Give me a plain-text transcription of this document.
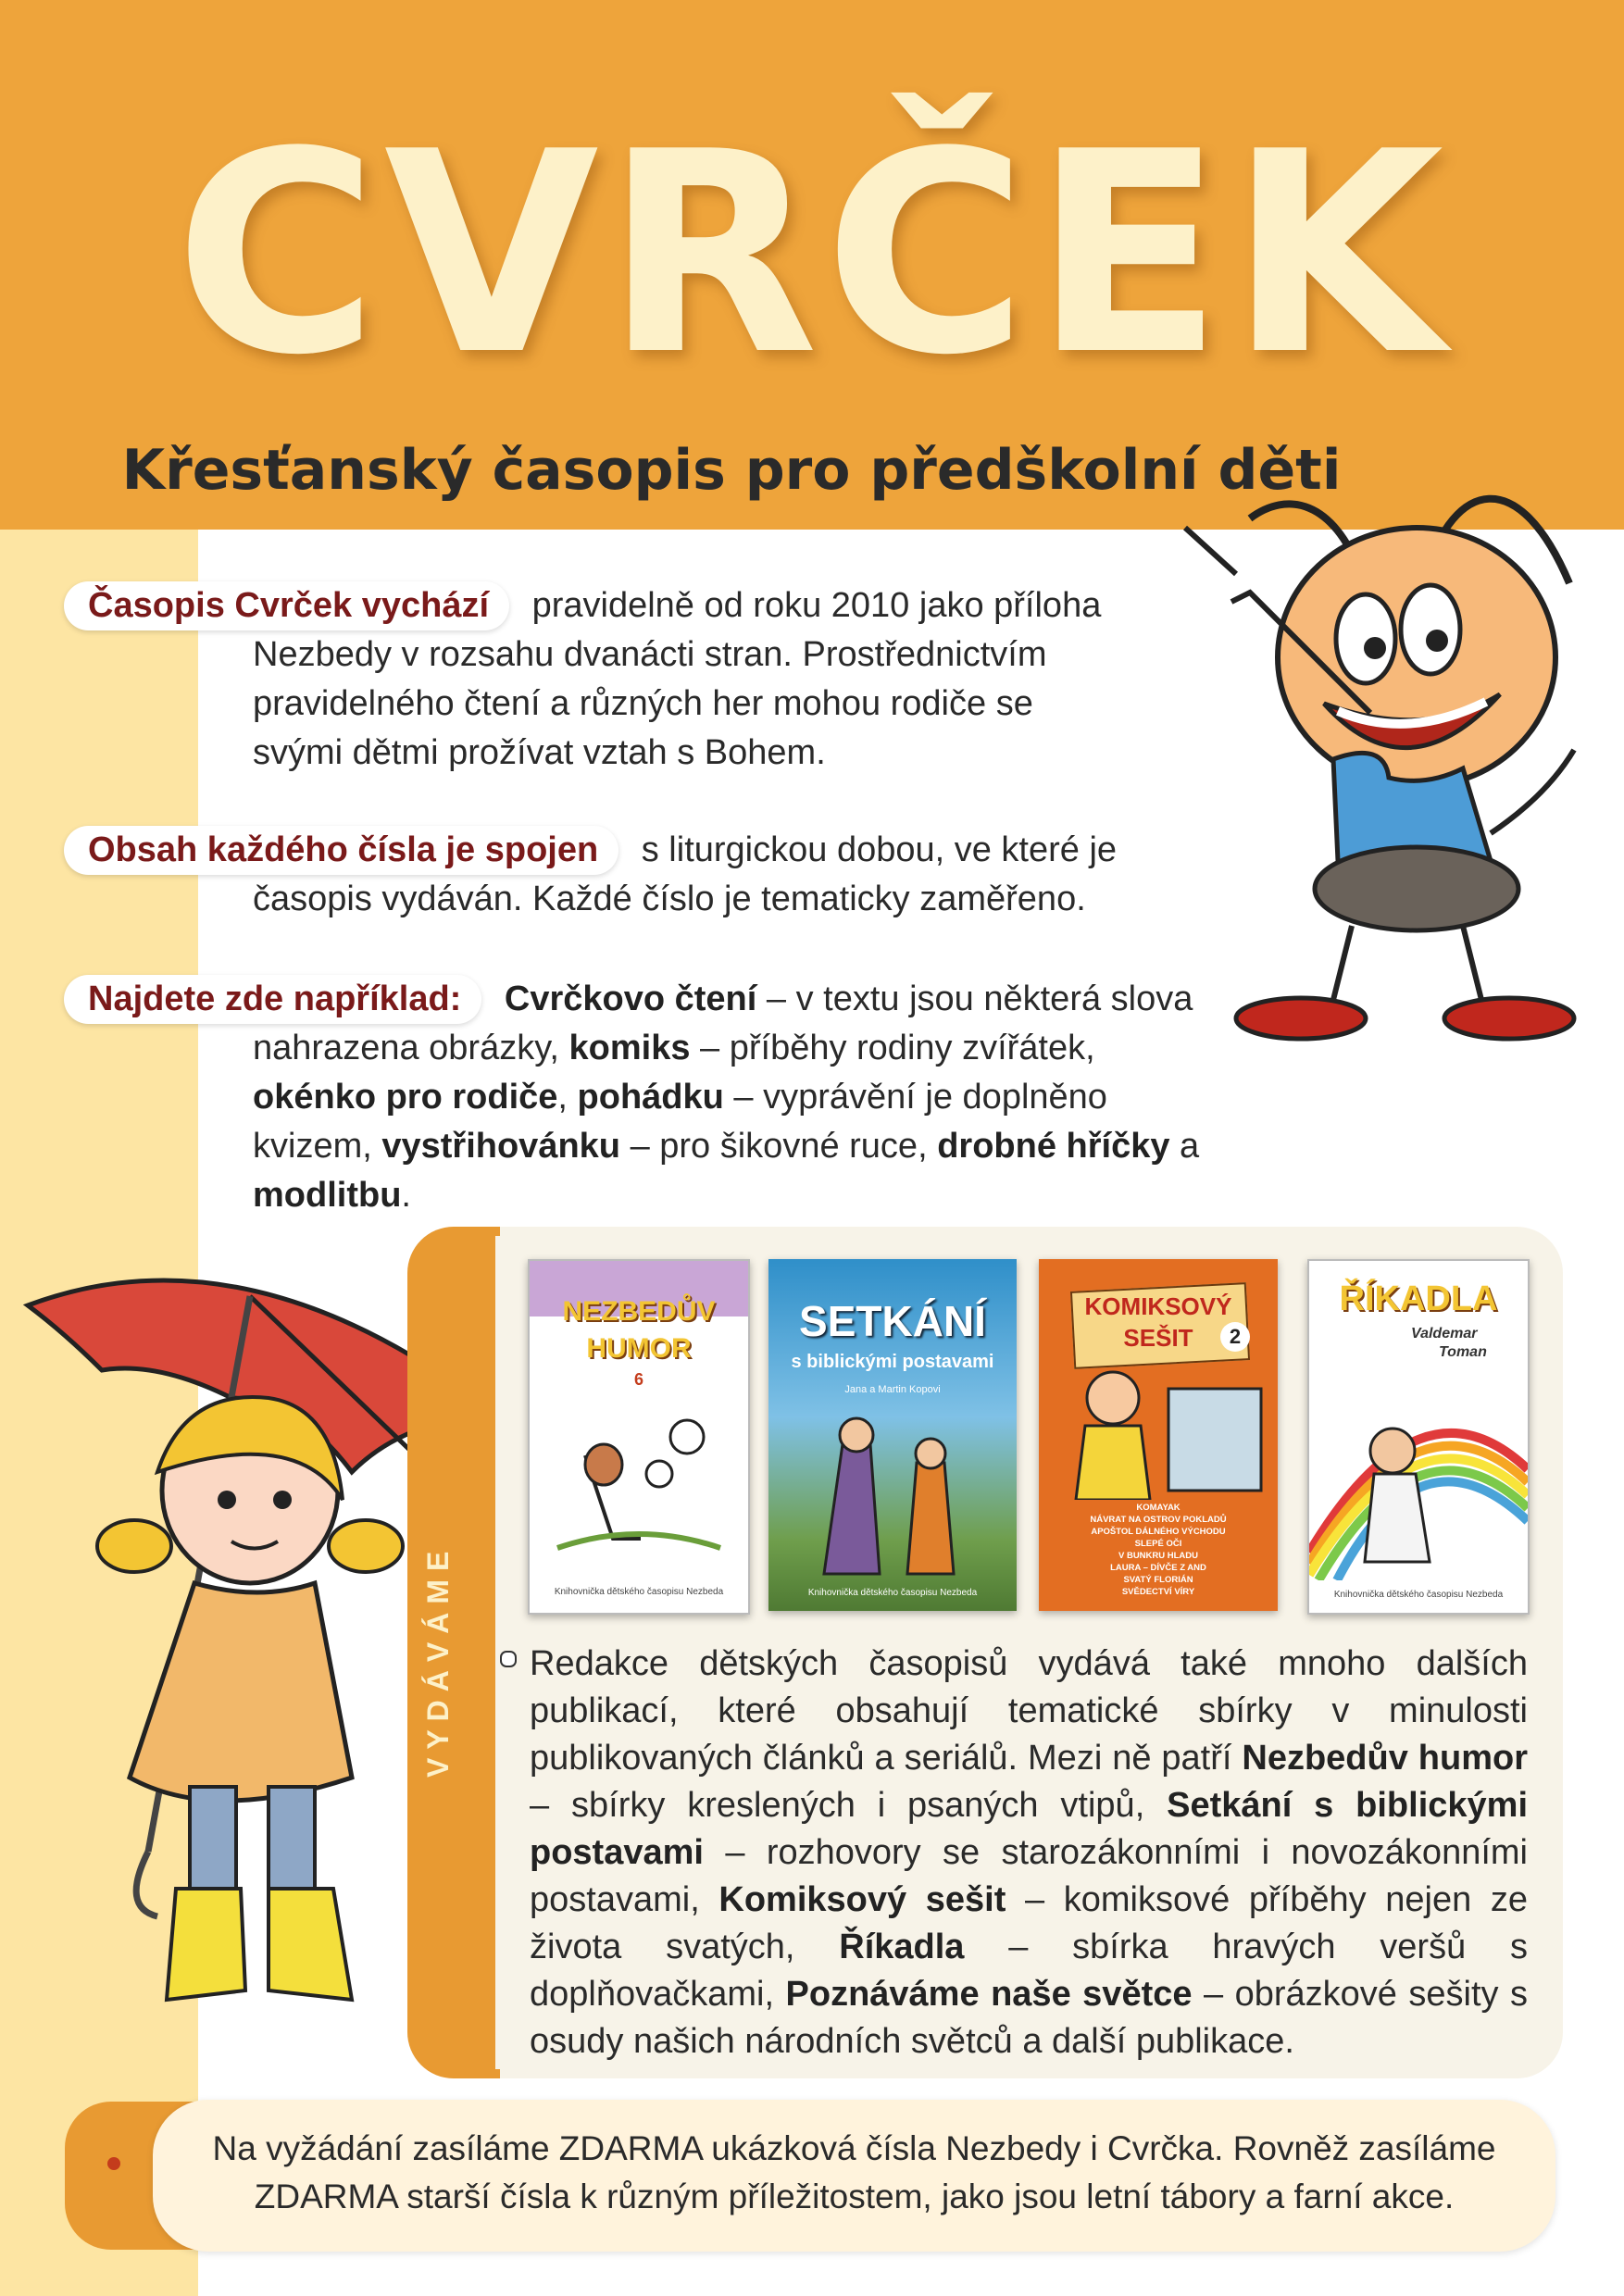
CVRČEK
Křesťanský časopis pro předškolní děti
Časopis Cvrček vychází pravidelně od roku 2010 jako příloha
Nezbedy v rozsahu dvanácti stran. Prostřednictvím
pravidelného čtení a různých her mohou rodiče se
svými dětmi prožívat vztah s Bohem.
Obsah každého čísla je spojen s liturgickou dobou, ve které je
časopis vydáván. Každé číslo je tematicky zaměřeno.
Najdete zde například: Cvrčkovo čtení – v textu jsou některá slova
nahrazena obrázky, komiks – příběhy rodiny zvířátek,
okénko pro rodiče, pohádku – vyprávění je doplněno
kvizem, vystřihovánku – pro šikovné ruce, drobné hříčky a modlitbu.
VYDÁVÁME
NEZBEDŮV
HUMOR
6
Knihovnička dětského časopisu Nezbeda
SETKÁNÍ
s biblickými postavami
Jana a Martin Kopovi
Knihovnička dětského časopisu Nezbeda
KOMIKSOVÝ
SEŠIT	2
KOMAYAK
NÁVRAT NA OSTROV POKLADŮ
APOŠTOL DÁLNÉHO VÝCHODU
SLEPÉ OČI
V BUNKRU HLADU
LAURA – DÍVČE Z AND
SVATÝ FLORIÁN
SVĚDECTVÍ VÍRY
ŘÍKADLA
Valdemar
Toman
Knihovnička dětského časopisu Nezbeda
Redakce dětských časopisů vydává také mnoho dalších publikací, které obsahují tematické sbírky v minulosti publikovaných článků a seriálů. Mezi ně patří Nezbedův humor – sbírky kreslených i psaných vtipů, Setkání s biblickými postavami – rozhovory se starozákonními i novozákonními postavami, Komiksový sešit – komiksové příběhy nejen ze života svatých, Říkadla – sbírka hravých veršů s doplňovačkami, Poznáváme naše světce – obrázkové sešity s osudy našich národních světců a další publikace.
Na vyžádání zasíláme ZDARMA ukázková čísla Nezbedy i Cvrčka. Rovněž zasíláme
ZDARMA starší čísla k různým příležitostem, jako jsou letní tábory a farní akce.
